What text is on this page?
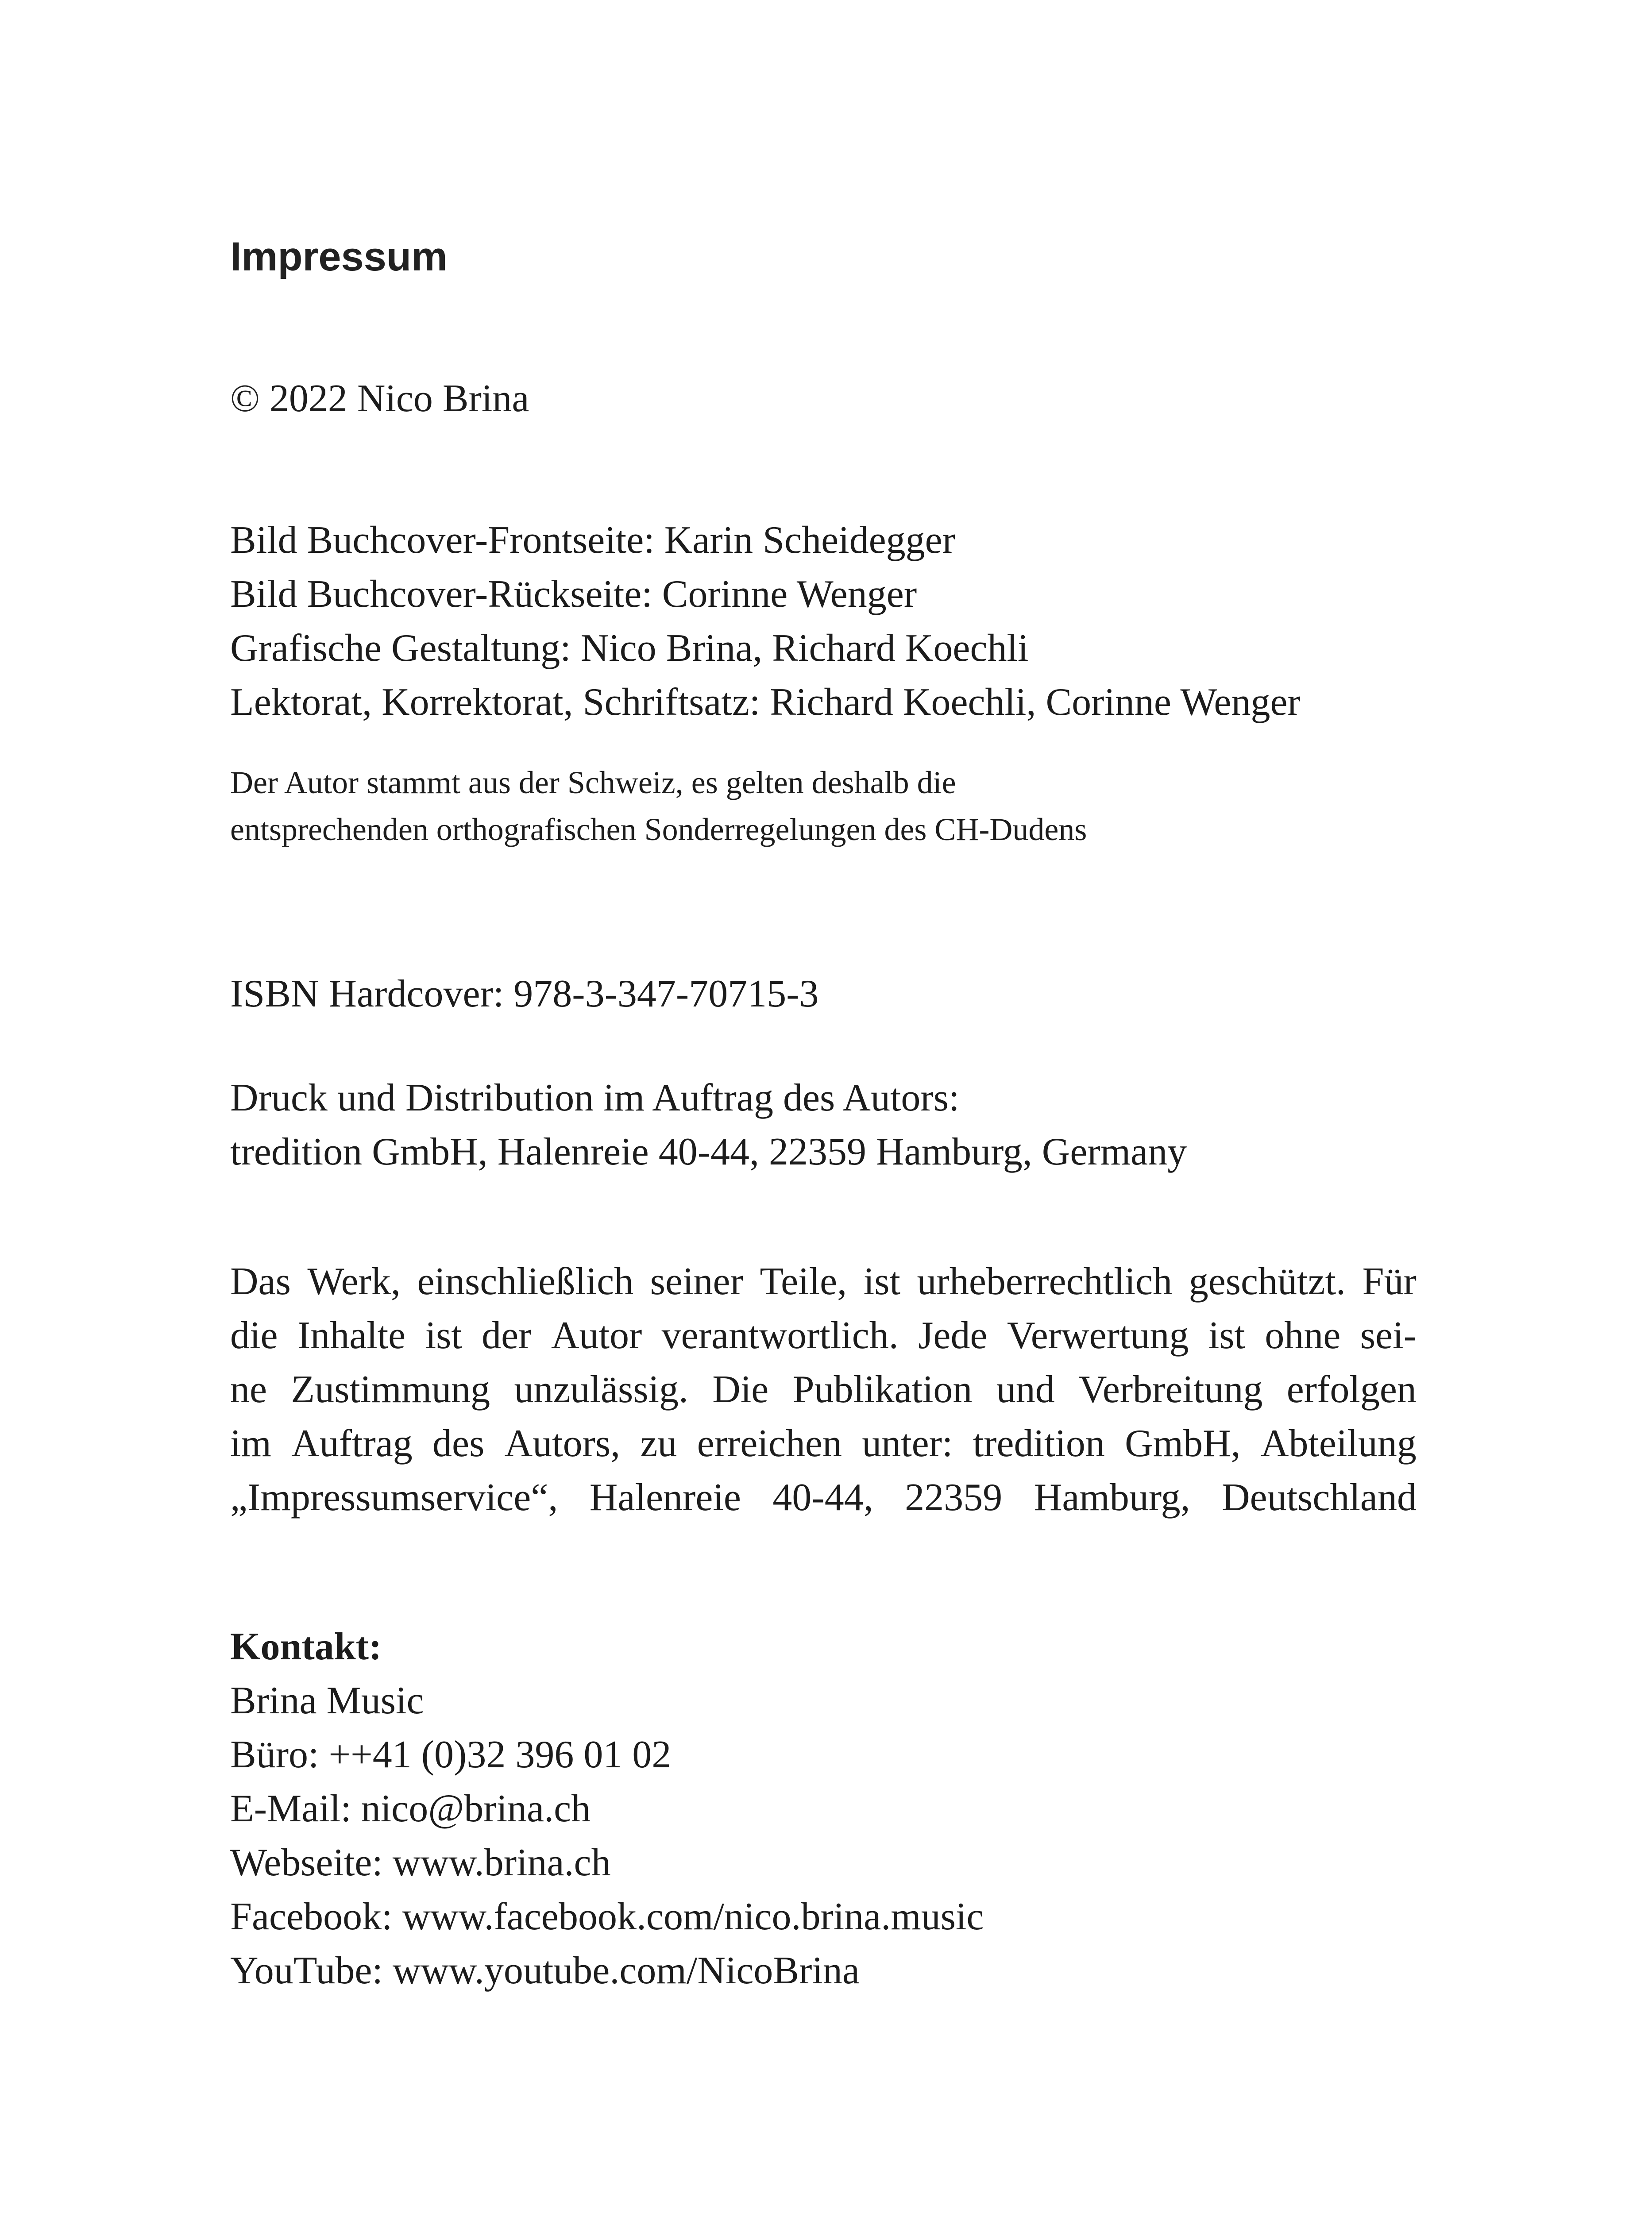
Impressum
© 2022 Nico Brina
Bild Buchcover-Frontseite: Karin Scheidegger
Bild Buchcover-Rückseite: Corinne Wenger
Grafische Gestaltung: Nico Brina, Richard Koechli
Lektorat, Korrektorat, Schriftsatz: Richard Koechli, Corinne Wenger
Der Autor stammt aus der Schweiz, es gelten deshalb die
entsprechenden orthografischen Sonderregelungen des CH-Dudens
ISBN Hardcover: 978-3-347-70715-3
Druck und Distribution im Auftrag des Autors:
tredition GmbH, Halenreie 40-44, 22359 Hamburg, Germany
Das Werk, einschließlich seiner Teile, ist urheberrechtlich geschützt. Für
die Inhalte ist der Autor verantwortlich. Jede Verwertung ist ohne sei-
ne Zustimmung unzulässig. Die Publikation und Verbreitung erfolgen
im Auftrag des Autors, zu erreichen unter: tredition GmbH, Abteilung
„Impressumservice“, Halenreie 40-44, 22359 Hamburg, Deutschland
Kontakt:
Brina Music
Büro: ++41 (0)32 396 01 02
E-Mail: nico@brina.ch
Webseite: www.brina.ch
Facebook: www.facebook.com/nico.brina.music
YouTube: www.youtube.com/NicoBrina
